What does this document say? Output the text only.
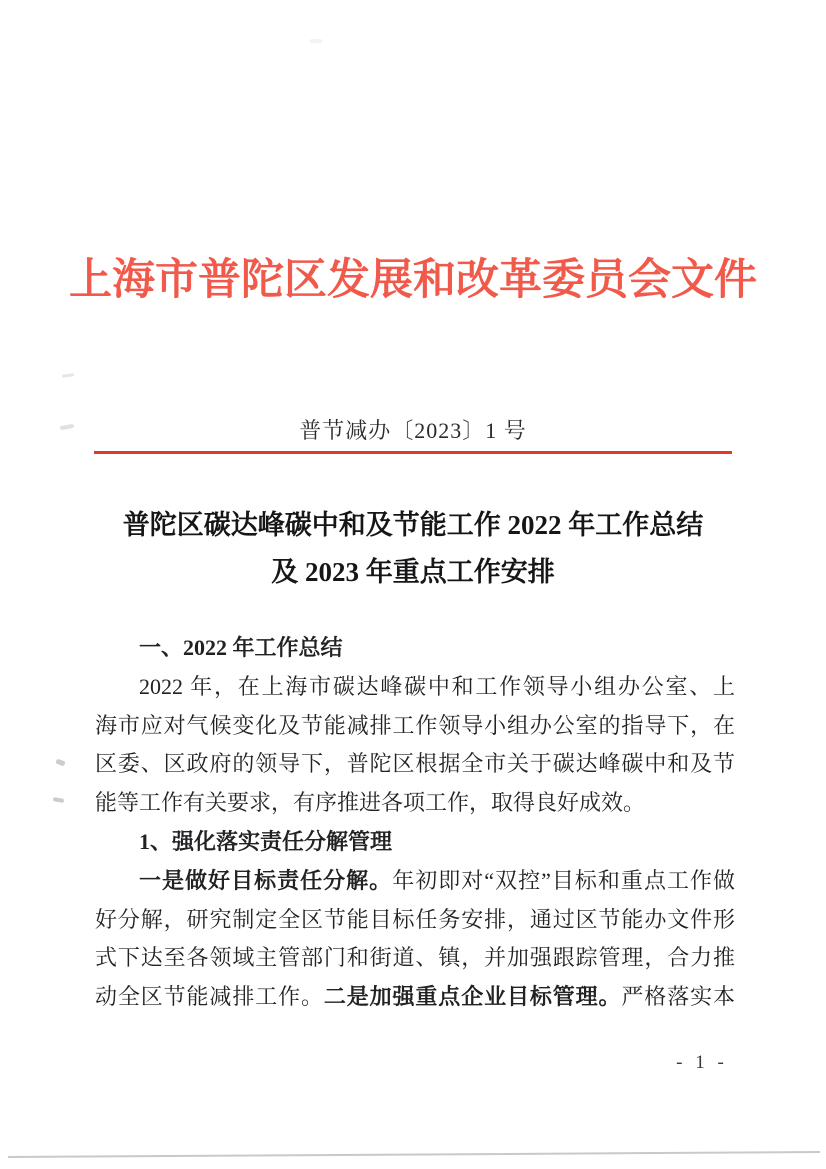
上海市普陀区发展和改革委员会文件
普节减办〔2023〕1 号
普陀区碳达峰碳中和及节能工作 2022 年工作总结
及 2023 年重点工作安排
一、2022 年工作总结
2022 年，在上海市碳达峰碳中和工作领导小组办公室、上
海市应对气候变化及节能减排工作领导小组办公室的指导下，在
区委、区政府的领导下，普陀区根据全市关于碳达峰碳中和及节
能等工作有关要求，有序推进各项工作，取得良好成效。
1、强化落实责任分解管理
一是做好目标责任分解。年初即对“双控”目标和重点工作做
好分解，研究制定全区节能目标任务安排，通过区节能办文件形
式下达至各领域主管部门和街道、镇，并加强跟踪管理，合力推
动全区节能减排工作。二是加强重点企业目标管理。严格落实本
- 1 -
